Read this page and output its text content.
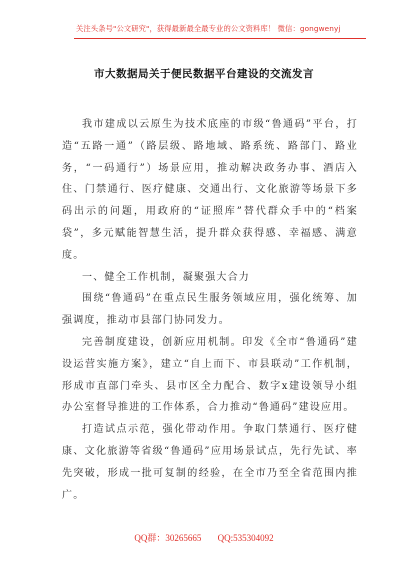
关注头条号"公文研究"，获得最新最全最专业的公文资料库！ 微信：gongwenyj
市大数据局关于便民数据平台建设的交流发言

我市建成以云原生为技术底座的市级“鲁通码”平台，打造“五路一通”（路层级、路地域、路系统、路部门、路业务，“一码通行”）场景应用，推动解决政务办事、酒店入住、门禁通行、医疗健康、交通出行、文化旅游等场景下多码出示的问题，用政府的“证照库”替代群众手中的“档案袋”，多元赋能智慧生活，提升群众获得感、幸福感、满意度。

一、健全工作机制，凝聚强大合力

围绕“鲁通码”在重点民生服务领域应用，强化统筹、加强调度，推动市县部门协同发力。

完善制度建设，创新应用机制。印发《全市“鲁通码”建设运营实施方案》，建立“自上而下、市县联动”工作机制，形成市直部门牵头、县市区全力配合、数字x建设领导小组办公室督导推进的工作体系，合力推动“鲁通码”建设应用。

打造试点示范，强化带动作用。争取门禁通行、医疗健康、文化旅游等省级“鲁通码”应用场景试点，先行先试、率先突破，形成一批可复制的经验，在全市乃至全省范围内推广。

QQ群：30265665 QQ:535304092
